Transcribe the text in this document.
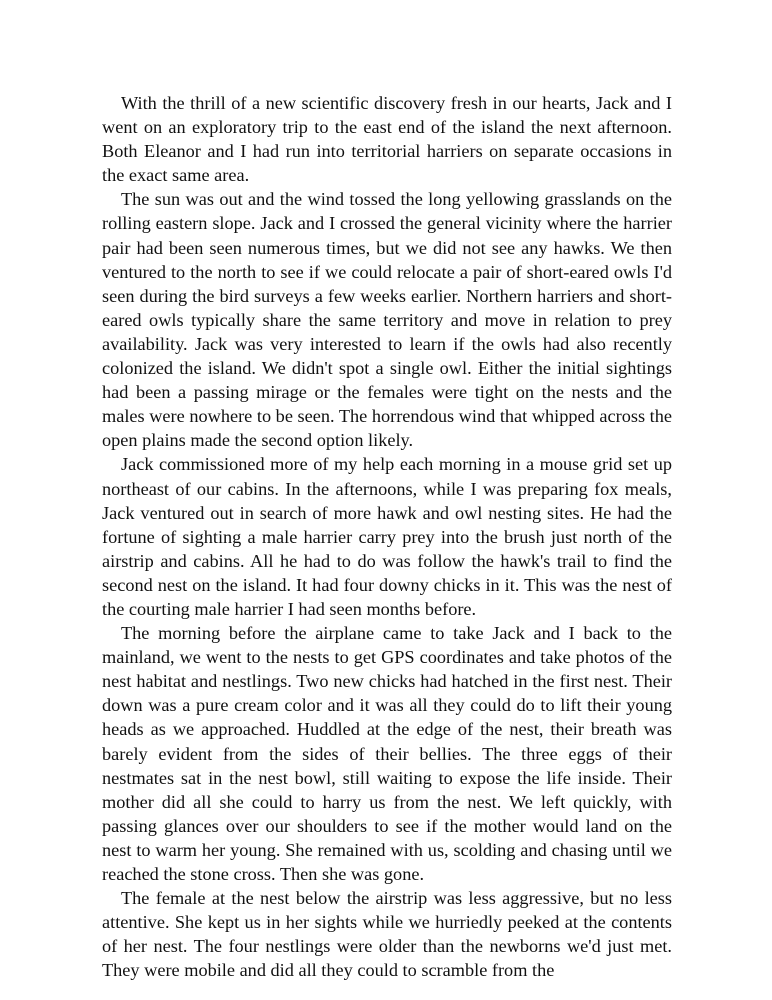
With the thrill of a new scientific discovery fresh in our hearts, Jack and I went on an exploratory trip to the east end of the island the next afternoon. Both Eleanor and I had run into territorial harriers on separate occasions in the exact same area.

The sun was out and the wind tossed the long yellowing grasslands on the rolling eastern slope. Jack and I crossed the general vicinity where the harrier pair had been seen numerous times, but we did not see any hawks. We then ventured to the north to see if we could relocate a pair of short-eared owls I'd seen during the bird surveys a few weeks earlier. Northern harriers and short-eared owls typically share the same territory and move in relation to prey availability. Jack was very interested to learn if the owls had also recently colonized the island. We didn't spot a single owl. Either the initial sightings had been a passing mirage or the females were tight on the nests and the males were nowhere to be seen. The horrendous wind that whipped across the open plains made the second option likely.

Jack commissioned more of my help each morning in a mouse grid set up northeast of our cabins. In the afternoons, while I was preparing fox meals, Jack ventured out in search of more hawk and owl nesting sites. He had the fortune of sighting a male harrier carry prey into the brush just north of the airstrip and cabins. All he had to do was follow the hawk's trail to find the second nest on the island. It had four downy chicks in it. This was the nest of the courting male harrier I had seen months before.

The morning before the airplane came to take Jack and I back to the mainland, we went to the nests to get GPS coordinates and take photos of the nest habitat and nestlings. Two new chicks had hatched in the first nest. Their down was a pure cream color and it was all they could do to lift their young heads as we approached. Huddled at the edge of the nest, their breath was barely evident from the sides of their bellies. The three eggs of their nestmates sat in the nest bowl, still waiting to expose the life inside. Their mother did all she could to harry us from the nest. We left quickly, with passing glances over our shoulders to see if the mother would land on the nest to warm her young. She remained with us, scolding and chasing until we reached the stone cross. Then she was gone.

The female at the nest below the airstrip was less aggressive, but no less attentive. She kept us in her sights while we hurriedly peeked at the contents of her nest. The four nestlings were older than the newborns we'd just met. They were mobile and did all they could to scramble from the
